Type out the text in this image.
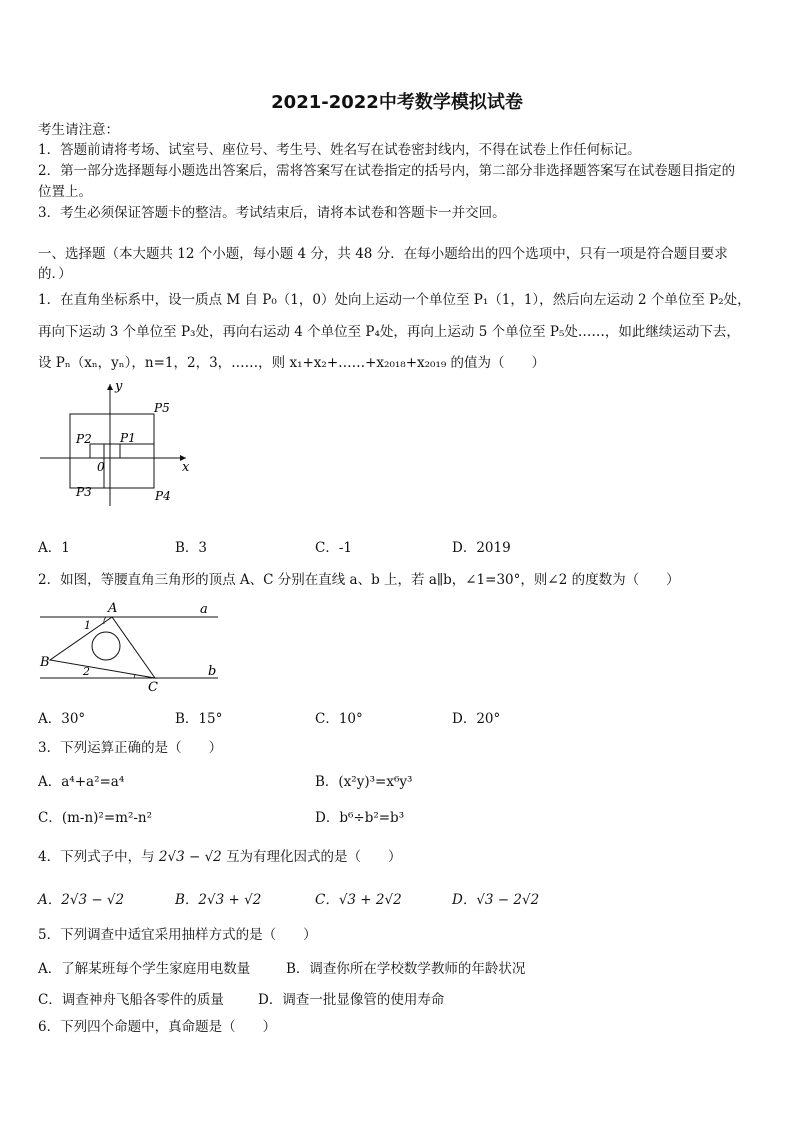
2021-2022中考数学模拟试卷
考生请注意：
1．答题前请将考场、试室号、座位号、考生号、姓名写在试卷密封线内，不得在试卷上作任何标记。
2．第一部分选择题每小题选出答案后，需将答案写在试卷指定的括号内，第二部分非选择题答案写在试卷题目指定的
位置上。
3．考生必须保证答题卡的整洁。考试结束后，请将本试卷和答题卡一并交回。
一、选择题（本大题共 12 个小题，每小题 4 分，共 48 分．在每小题给出的四个选项中，只有一项是符合题目要求
的．）
1．在直角坐标系中，设一质点 M 自 P₀（1，0）处向上运动一个单位至 P₁（1，1），然后向左运动 2 个单位至 P₂处，
再向下运动 3 个单位至 P₃处，再向右运动 4 个单位至 P₄处，再向上运动 5 个单位至 P₅处……，如此继续运动下去，
设 Pₙ（xₙ，yₙ），n=1，2，3，……，则 x₁+x₂+……+x₂₀₁₈+x₂₀₁₉ 的值为（　　）
y
x
0
P5
P1
P2
P3	P4
A．1	B．3	C．-1	D．2019
2．如图，等腰直角三角形的顶点 A、C 分别在直线 a、b 上，若 a∥b，∠1=30°，则∠2 的度数为（　　）
A
B
C
a
b
1
2
A．30°	B．15°	C．10°	D．20°
3．下列运算正确的是（　　）
A．a⁴+a²=a⁴	B．(x²y)³=x⁶y³
C．(m-n)²=m²-n²	D．b⁶÷b²=b³
4．下列式子中，与 2√3 − √2 互为有理化因式的是（　　）
A．2√3 − √2	B．2√3 + √2	C．√3 + 2√2	D．√3 − 2√2
5．下列调查中适宜采用抽样方式的是（　　）
A．了解某班每个学生家庭用电数量	B．调查你所在学校数学教师的年龄状况
C．调查神舟飞船各零件的质量	D．调查一批显像管的使用寿命
6．下列四个命题中，真命题是（　　）
